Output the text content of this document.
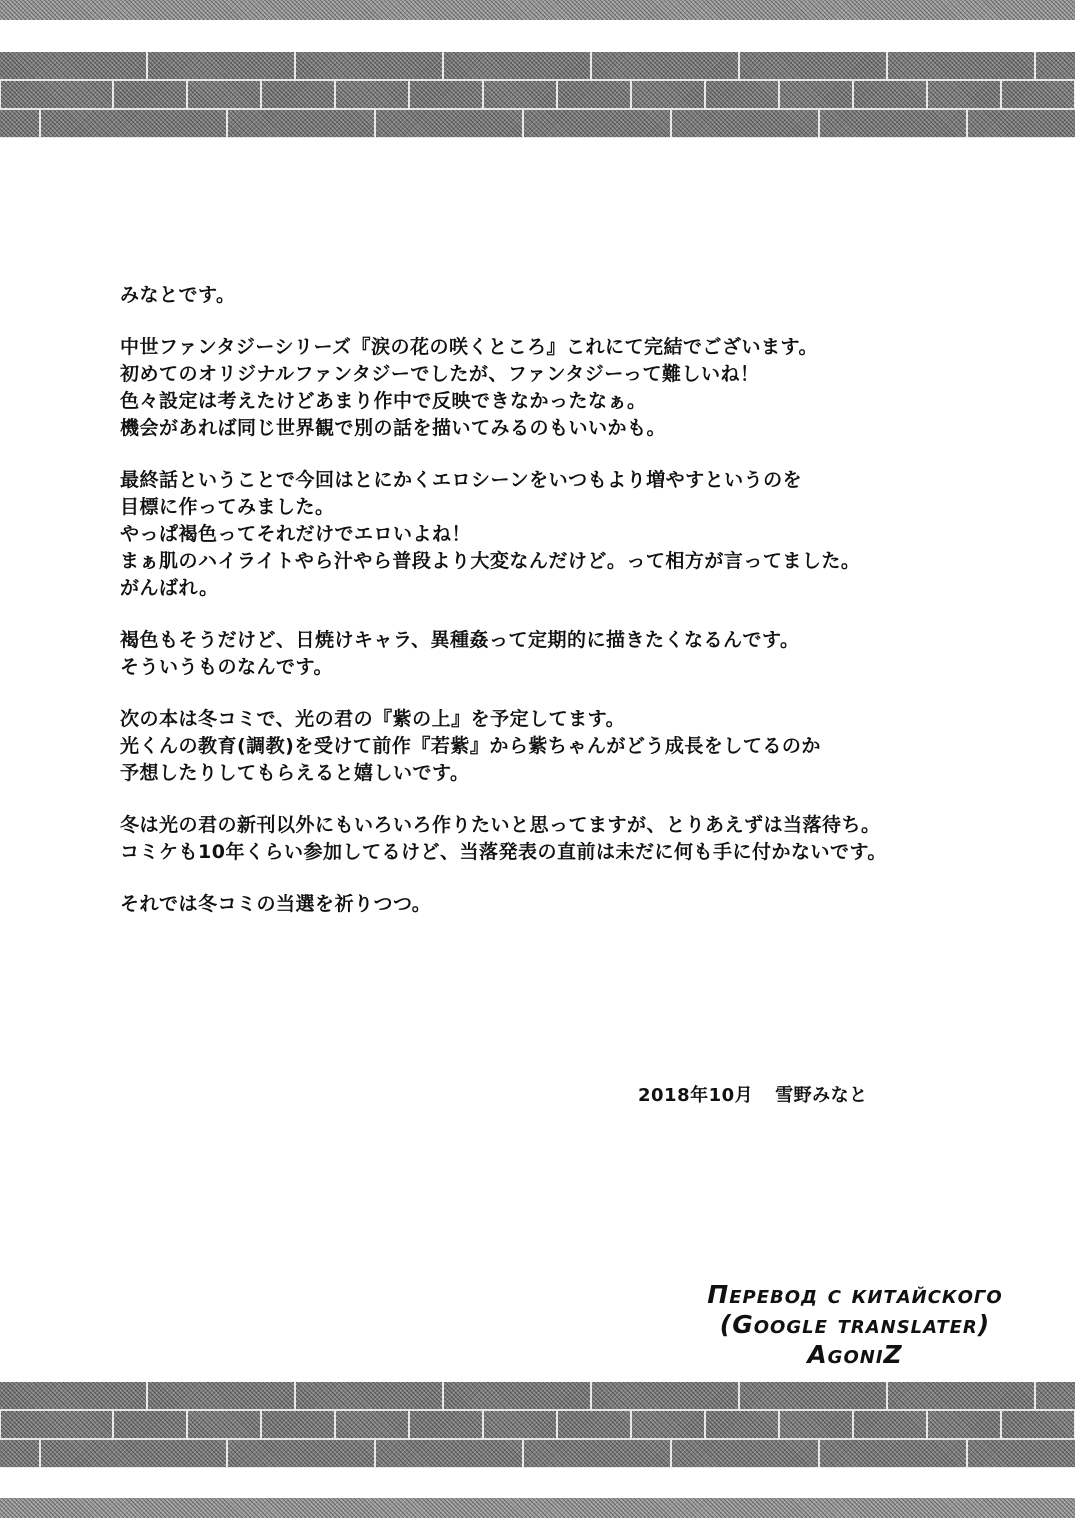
みなとです。

中世ファンタジーシリーズ『涙の花の咲くところ』これにて完結でございます。
初めてのオリジナルファンタジーでしたが、ファンタジーって難しいね！
色々設定は考えたけどあまり作中で反映できなかったなぁ。
機会があれば同じ世界観で別の話を描いてみるのもいいかも。

最終話ということで今回はとにかくエロシーンをいつもより増やすというのを
目標に作ってみました。
やっぱ褐色ってそれだけでエロいよね！
まぁ肌のハイライトやら汁やら普段より大変なんだけど。って相方が言ってました。
がんばれ。

褐色もそうだけど、日焼けキャラ、異種姦って定期的に描きたくなるんです。
そういうものなんです。

次の本は冬コミで、光の君の『紫の上』を予定してます。
光くんの教育(調教)を受けて前作『若紫』から紫ちゃんがどう成長をしてるのか
予想したりしてもらえると嬉しいです。

冬は光の君の新刊以外にもいろいろ作りたいと思ってますが、とりあえずは当落待ち。
コミケも10年くらい参加してるけど、当落発表の直前は未だに何も手に付かないです。

それでは冬コミの当選を祈りつつ。

2018年10月 雪野みなと
Перевод с китайского
(Google translater)
AgoniZ
